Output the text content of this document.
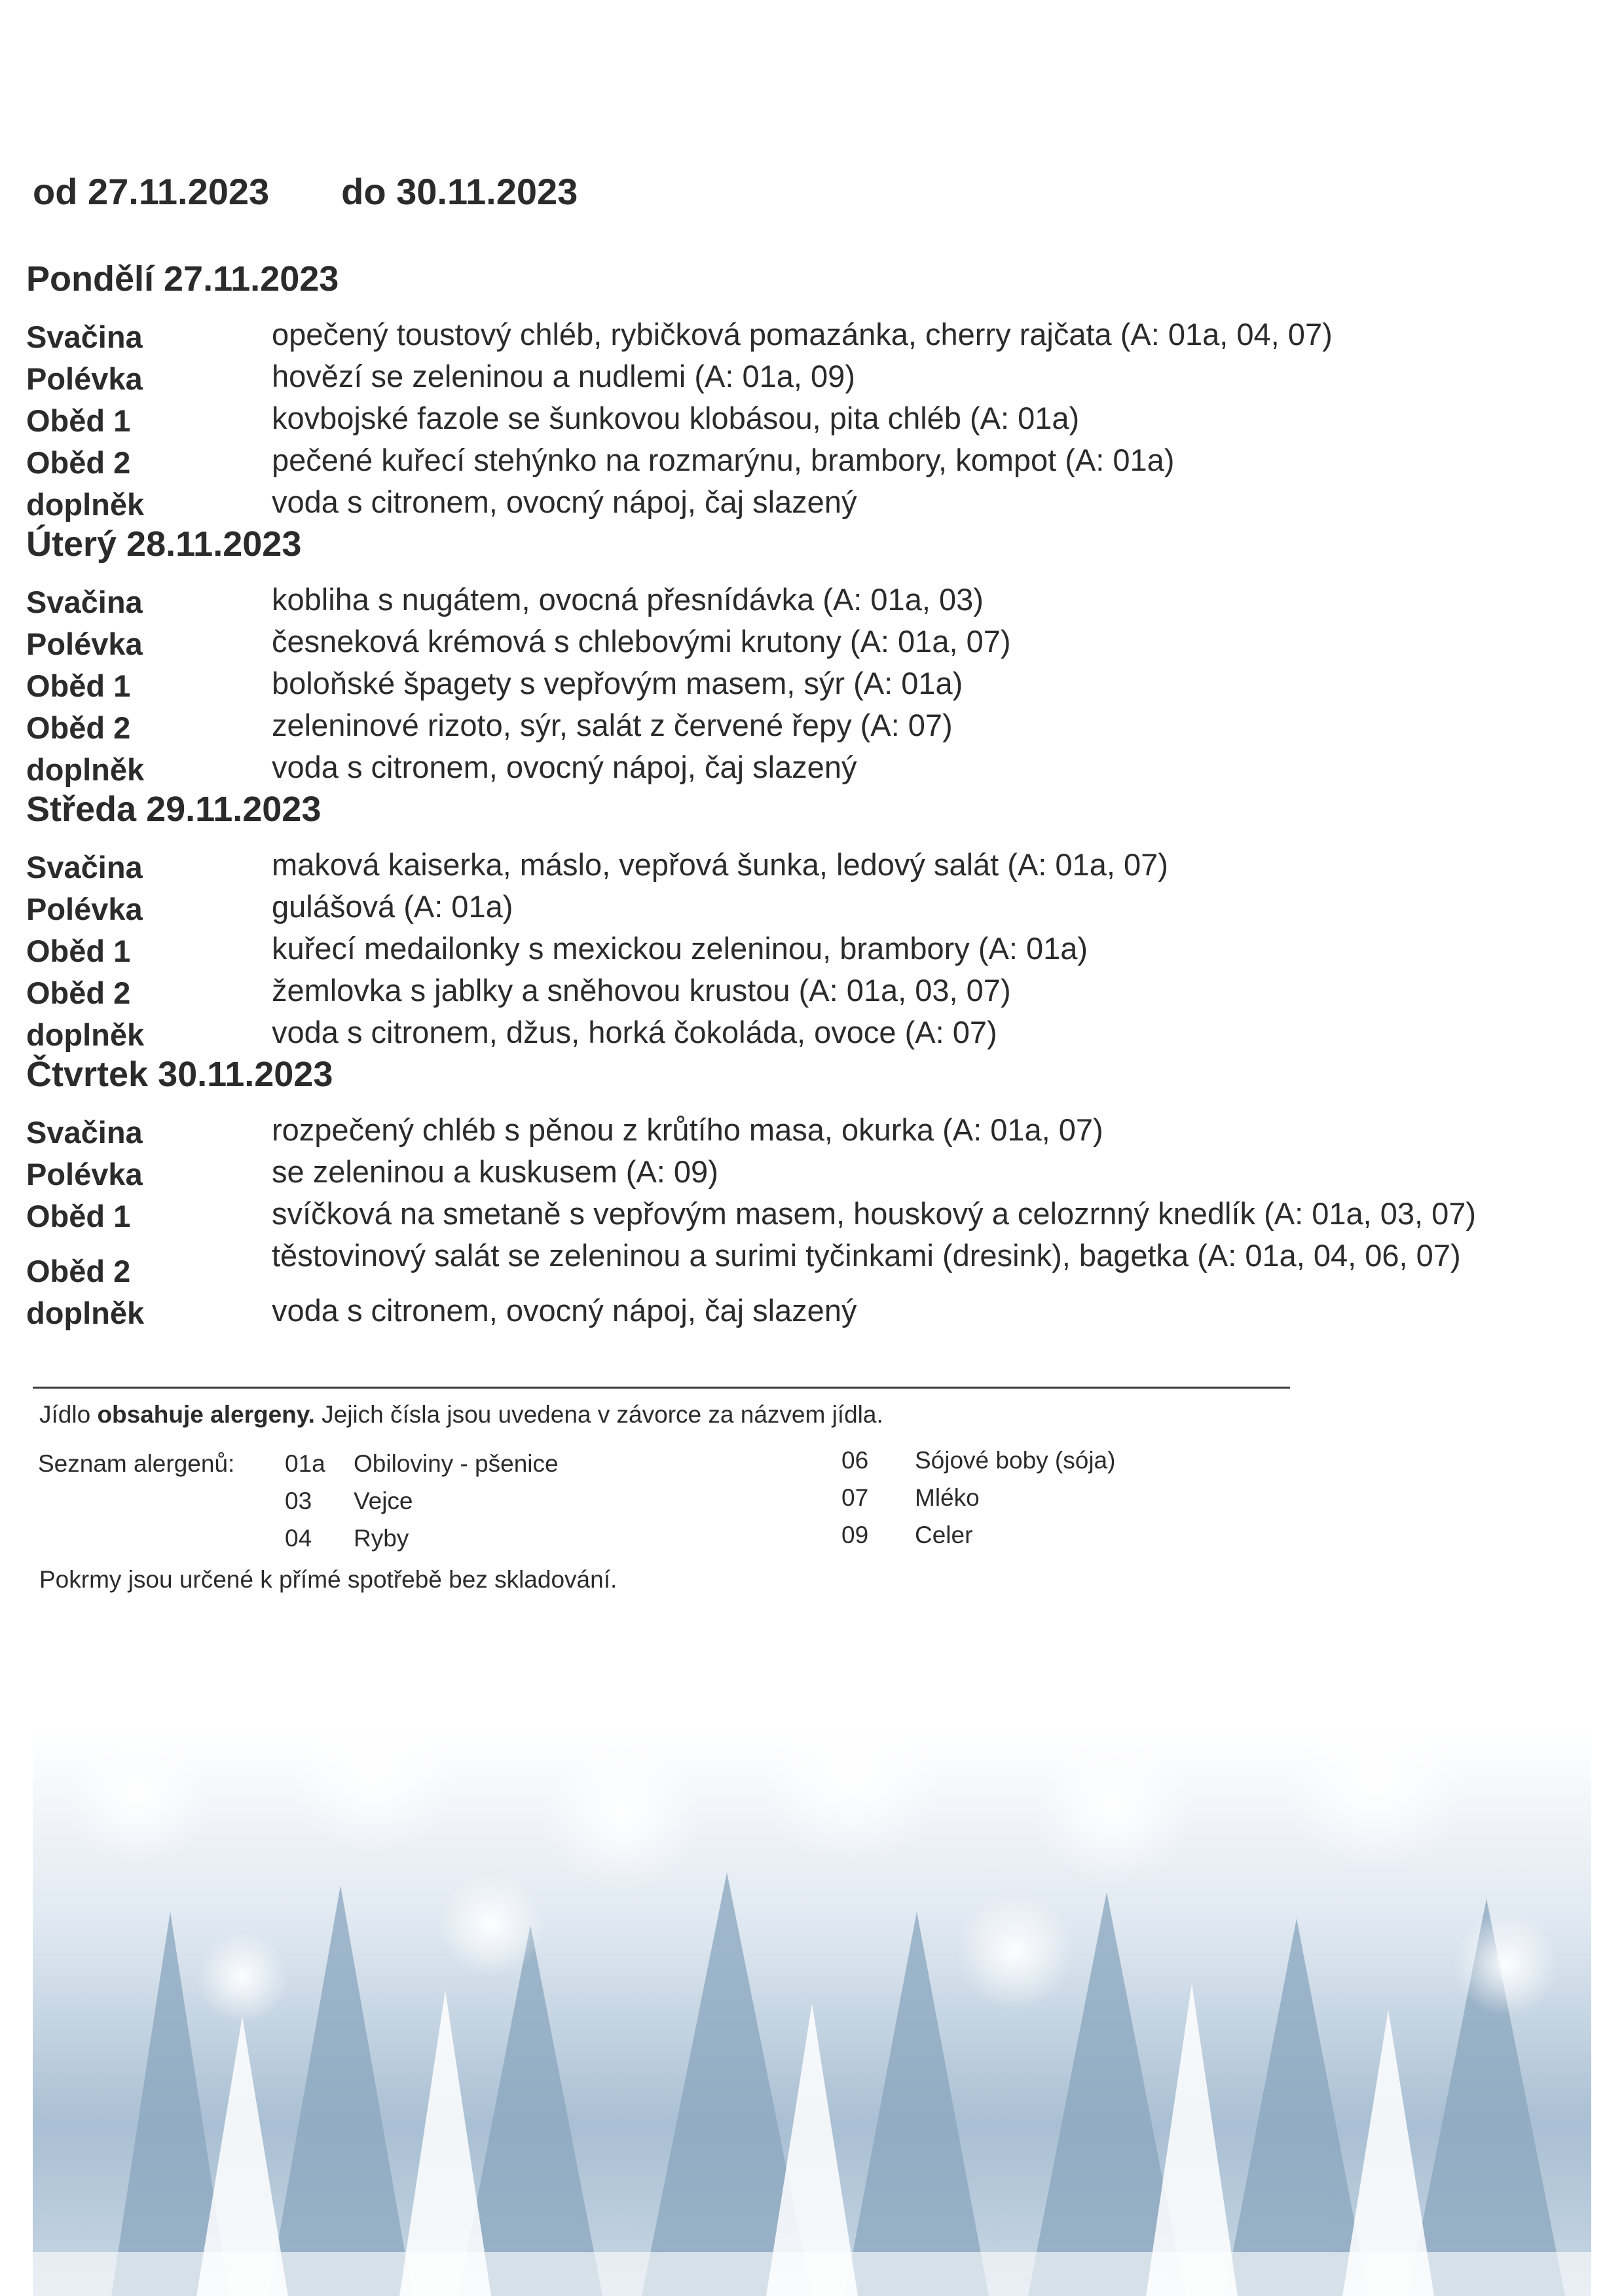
od 27.11.2023 do 30.11.2023
Pondělí 27.11.2023
Svačina	opečený toustový chléb, rybičková pomazánka, cherry rajčata (A: 01a, 04, 07)
Polévka	hovězí se zeleninou a nudlemi (A: 01a, 09)
Oběd 1	kovbojské fazole se šunkovou klobásou, pita chléb (A: 01a)
Oběd 2	pečené kuřecí stehýnko na rozmarýnu, brambory, kompot (A: 01a)
doplněk	voda s citronem, ovocný nápoj, čaj slazený
Úterý 28.11.2023
Svačina	kobliha s nugátem, ovocná přesnídávka (A: 01a, 03)
Polévka	česneková krémová s chlebovými krutony (A: 01a, 07)
Oběd 1	boloňské špagety s vepřovým masem, sýr (A: 01a)
Oběd 2	zeleninové rizoto, sýr, salát z červené řepy (A: 07)
doplněk	voda s citronem, ovocný nápoj, čaj slazený
Středa 29.11.2023
Svačina	maková kaiserka, máslo, vepřová šunka, ledový salát (A: 01a, 07)
Polévka	gulášová (A: 01a)
Oběd 1	kuřecí medailonky s mexickou zeleninou, brambory (A: 01a)
Oběd 2	žemlovka s jablky a sněhovou krustou (A: 01a, 03, 07)
doplněk	voda s citronem, džus, horká čokoláda, ovoce (A: 07)
Čtvrtek 30.11.2023
Svačina	rozpečený chléb s pěnou z krůtího masa, okurka (A: 01a, 07)
Polévka	se zeleninou a kuskusem (A: 09)
Oběd 1	svíčková na smetaně s vepřovým masem, houskový a celozrnný knedlík (A: 01a, 03, 07)
Oběd 2	těstovinový salát se zeleninou a surimi tyčinkami (dresink), bagetka (A: 01a, 04, 06, 07)
doplněk	voda s citronem, ovocný nápoj, čaj slazený
Jídlo obsahuje alergeny. Jejich čísla jsou uvedena v závorce za názvem jídla.
Seznam alergenů: 01a Obiloviny - pšenice
03 Vejce
04 Ryby
06 Sójové boby (sója)
07 Mléko
09 Celer
Pokrmy jsou určené k přímé spotřebě bez skladování.
